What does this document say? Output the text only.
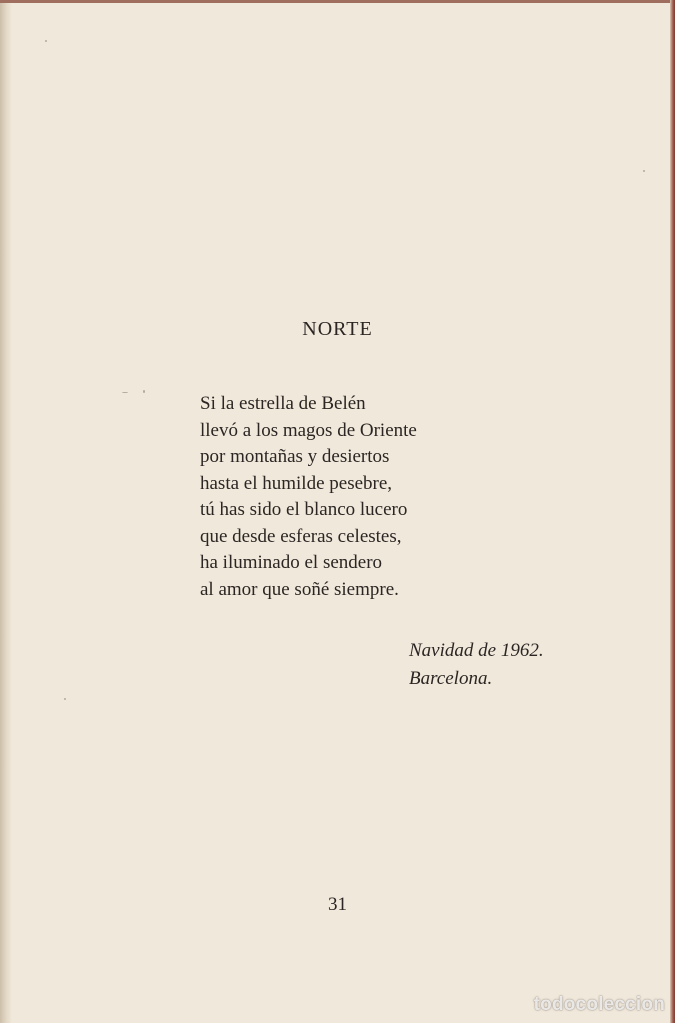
NORTE
Si la estrella de Belén
llevó a los magos de Oriente
por montañas y desiertos
hasta el humilde pesebre,
tú has sido el blanco lucero
que desde esferas celestes,
ha iluminado el sendero
al amor que soñé siempre.
Navidad de 1962.
Barcelona.
31
todocoleccion
